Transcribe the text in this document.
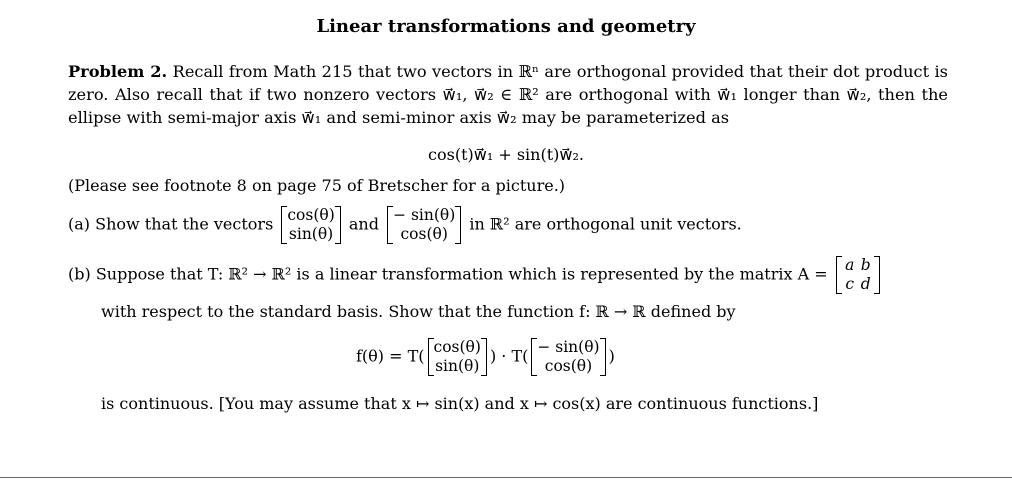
Linear transformations and geometry
Problem 2. Recall from Math 215 that two vectors in ℝⁿ are orthogonal provided that their dot product is zero. Also recall that if two nonzero vectors w⃗₁, w⃗₂ ∈ ℝ² are orthogonal with w⃗₁ longer than w⃗₂, then the ellipse with semi-major axis w⃗₁ and semi-minor axis w⃗₂ may be parameterized as
cos(t)w⃗₁ + sin(t)w⃗₂.
(Please see footnote 8 on page 75 of Bretscher for a picture.)
(a) Show that the vectors cos(θ)
sin(θ)
and − sin(θ)
cos(θ)
in ℝ² are orthogonal unit vectors.
(b) Suppose that T: ℝ² → ℝ² is a linear transformation which is represented by the matrix A = a b
c d
with respect to the standard basis. Show that the function f: ℝ → ℝ defined by
f(θ) = T( cos(θ)
sin(θ)
) · T( − sin(θ)
cos(θ)
)
is continuous. [You may assume that x ↦ sin(x) and x ↦ cos(x) are continuous functions.]
